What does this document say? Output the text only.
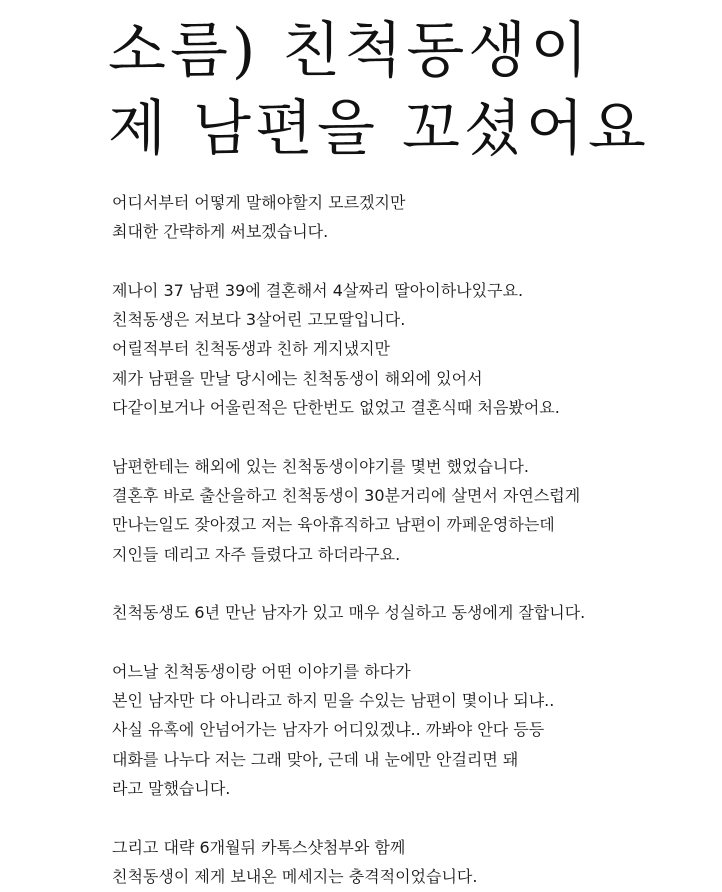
소름) 친척동생이
제 남편을 꼬셨어요
어디서부터 어떻게 말해야할지 모르겠지만
최대한 간략하게 써보겠습니다.
제나이 37 남편 39에 결혼해서 4살짜리 딸아이하나있구요.
친척동생은 저보다 3살어린 고모딸입니다.
어릴적부터 친척동생과 친하 게지냈지만
제가 남편을 만날 당시에는 친척동생이 해외에 있어서
다같이보거나 어울린적은 단한번도 없었고 결혼식때 처음봤어요.
남편한테는 해외에 있는 친척동생이야기를 몇번 했었습니다.
결혼후 바로 출산을하고 친척동생이 30분거리에 살면서 자연스럽게
만나는일도 잦아졌고 저는 육아휴직하고 남편이 까페운영하는데
지인들 데리고 자주 들렸다고 하더라구요.
친척동생도 6년 만난 남자가 있고 매우 성실하고 동생에게 잘합니다.
어느날 친척동생이랑 어떤 이야기를 하다가
본인 남자만 다 아니라고 하지 믿을 수있는 남편이 몇이나 되냐..
사실 유혹에 안넘어가는 남자가 어디있겠냐.. 까봐야 안다 등등
대화를 나누다 저는 그래 맞아, 근데 내 눈에만 안걸리면 돼
라고 말했습니다.
그리고 대략 6개월뒤 카톡스샷첨부와 함께
친척동생이 제게 보내온 메세지는 충격적이었습니다.
